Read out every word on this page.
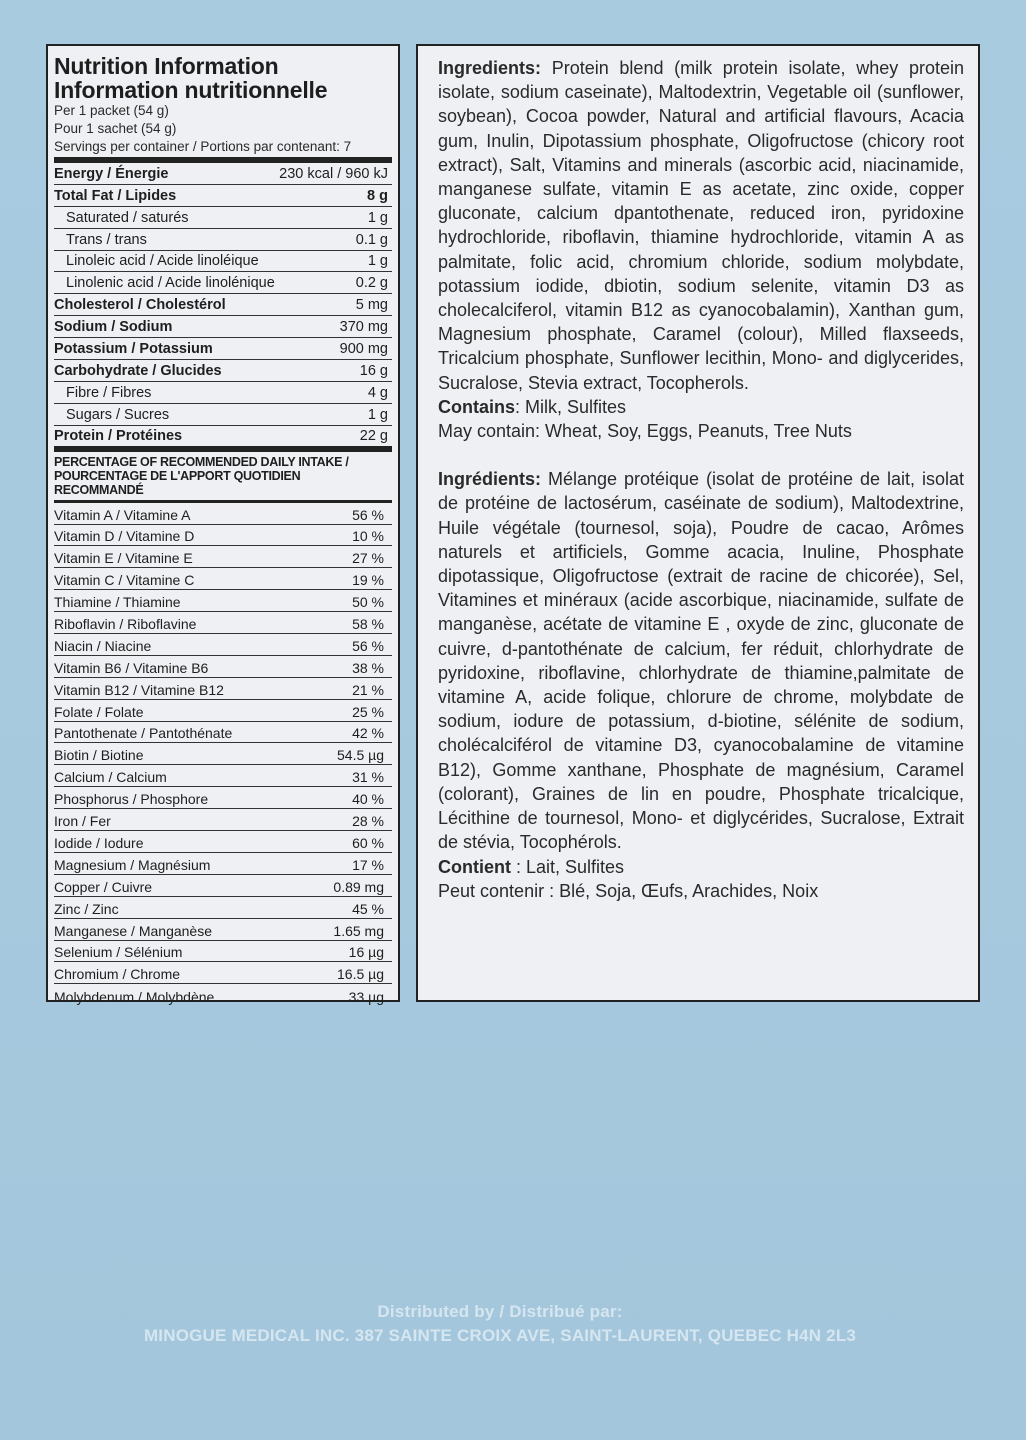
Nutrition Information
Information nutritionnelle
Per 1 packet (54 g)
Pour 1 sachet (54 g)
Servings per container / Portions par contenant: 7
Energy / Énergie	230 kcal / 960 kJ
Total Fat / Lipides	8 g
Saturated / saturés	1 g
Trans / trans	0.1 g
Linoleic acid / Acide linoléique	1 g
Linolenic acid / Acide linolénique	0.2 g
Cholesterol / Cholestérol	5 mg
Sodium / Sodium	370 mg
Potassium / Potassium	900 mg
Carbohydrate / Glucides	16 g
Fibre / Fibres	4 g
Sugars / Sucres	1 g
Protein / Protéines	22 g
PERCENTAGE OF RECOMMENDED DAILY INTAKE /
POURCENTAGE DE L'APPORT QUOTIDIEN RECOMMANDÉ
Vitamin A / Vitamine A	56 %
Vitamin D / Vitamine D	10 %
Vitamin E / Vitamine E	27 %
Vitamin C / Vitamine C	19 %
Thiamine / Thiamine	50 %
Riboflavin / Riboflavine	58 %
Niacin / Niacine	56 %
Vitamin B6 / Vitamine B6	38 %
Vitamin B12 / Vitamine B12	21 %
Folate / Folate	25 %
Pantothenate / Pantothénate	42 %
Biotin / Biotine	54.5 µg
Calcium / Calcium	31 %
Phosphorus / Phosphore	40 %
Iron / Fer	28 %
Iodide / Iodure	60 %
Magnesium / Magnésium	17 %
Copper / Cuivre	0.89 mg
Zinc / Zinc	45 %
Manganese / Manganèse	1.65 mg
Selenium / Sélénium	16 µg
Chromium / Chrome	16.5 µg
Molybdenum / Molybdène	33 µg

Ingredients: Protein blend (milk protein isolate, whey protein isolate, sodium caseinate), Maltodextrin, Vegetable oil (sunflower, soybean), Cocoa powder, Natural and artificial flavours, Acacia gum, Inulin, Dipotassium phosphate, Oligofructose (chicory root extract), Salt, Vitamins and minerals (ascorbic acid, niacinamide, manganese sulfate, vitamin E as acetate, zinc oxide, copper gluconate, calcium dpantothenate, reduced iron, pyridoxine hydrochloride, riboflavin, thiamine hydrochloride, vitamin A as palmitate, folic acid, chromium chloride, sodium molybdate, potassium iodide, dbiotin, sodium selenite, vitamin D3 as cholecalciferol, vitamin B12 as cyanocobalamin), Xanthan gum, Magnesium phosphate, Caramel (colour), Milled flaxseeds, Tricalcium phosphate, Sunflower lecithin, Mono- and diglycerides, Sucralose, Stevia extract, Tocopherols.

Contains: Milk, Sulfites

May contain: Wheat, Soy, Eggs, Peanuts, Tree Nuts

Ingrédients: Mélange protéique (isolat de protéine de lait, isolat de protéine de lactosérum, caséinate de sodium), Maltodextrine, Huile végétale (tournesol, soja), Poudre de cacao, Arômes naturels et artificiels, Gomme acacia, Inuline, Phosphate dipotassique, Oligofructose (extrait de racine de chicorée), Sel, Vitamines et minéraux (acide ascorbique, niacinamide, sulfate de manganèse, acétate de vitamine E , oxyde de zinc, gluconate de cuivre, d-pantothénate de calcium, fer réduit, chlorhydrate de pyridoxine, riboflavine, chlorhydrate de thiamine,palmitate de vitamine A, acide folique, chlorure de chrome, molybdate de sodium, iodure de potassium, d-biotine, sélénite de sodium, cholécalciférol de vitamine D3, cyanocobalamine de vitamine B12), Gomme xanthane, Phosphate de magnésium, Caramel (colorant), Graines de lin en poudre, Phosphate tricalcique, Lécithine de tournesol, Mono- et diglycérides, Sucralose, Extrait de stévia, Tocophérols.

Contient : Lait, Sulfites

Peut contenir : Blé, Soja, Œufs, Arachides, Noix

Distributed by / Distribué par:
MINOGUE MEDICAL INC. 387 SAINTE CROIX AVE, SAINT-LAURENT, QUEBEC H4N 2L3
